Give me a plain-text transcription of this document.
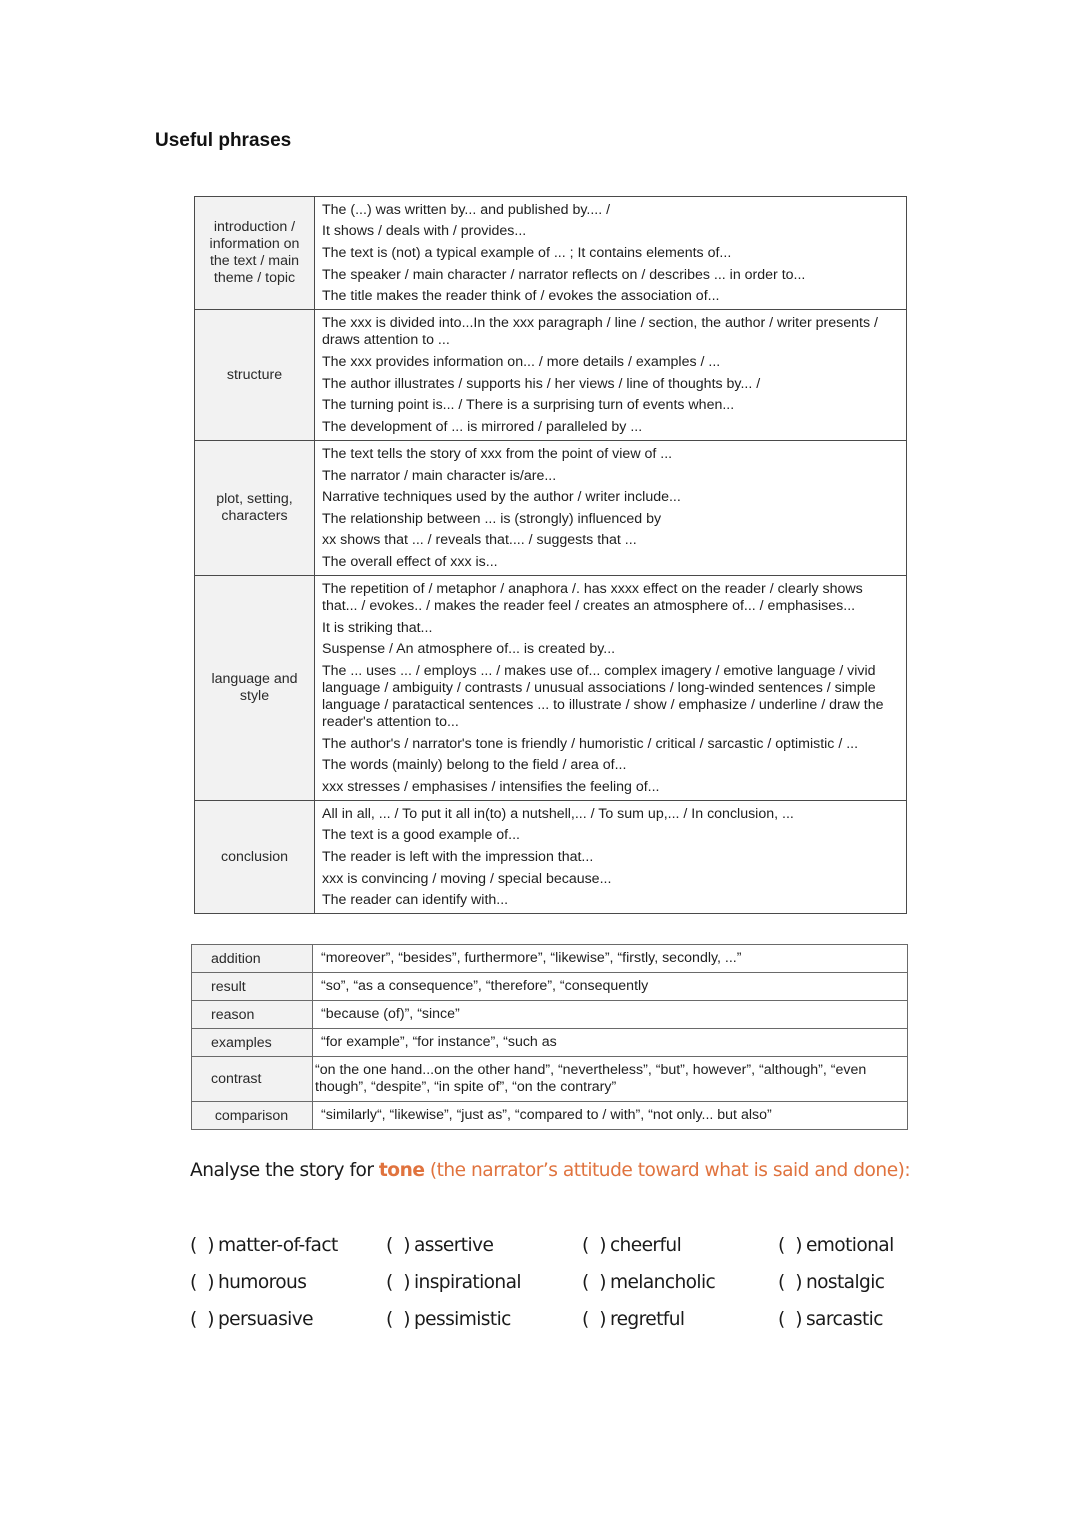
Useful phrases
introduction / information on the text / main theme / topic	The (...) was written by... and published by.... /
It shows / deals with / provides...
The text is (not) a typical example of ... ; It contains elements of...
The speaker / main character / narrator reflects on / describes ... in order to...
The title makes the reader think of / evokes the association of...

structure	The xxx is divided into...In the xxx paragraph / line / section, the author / writer presents / draws attention to ...
The xxx provides information on... / more details / examples / ...
The author illustrates / supports his / her views / line of thoughts by... /
The turning point is... / There is a surprising turn of events when...
The development of ... is mirrored / paralleled by ...

plot, setting, characters	
The text tells the story of xxx from the point of view of ...
The narrator / main character is/are...
Narrative techniques used by the author / writer include...
The relationship between ... is (strongly) influenced by
xx shows that ... / reveals that.... / suggests that ...
The overall effect of xxx is...

language and style	
The repetition of / metaphor / anaphora /. has xxxx effect on the reader / clearly shows that... / evokes.. / makes the reader feel / creates an atmosphere of... / emphasises...
It is striking that...
Suspense / An atmosphere of... is created by...
The ... uses ... / employs ... / makes use of... complex imagery / emotive language / vivid language / ambiguity / contrasts / unusual associations / long-winded sentences / simple language / paratactical sentences ... to illustrate / show / emphasize / underline / draw the reader's attention to...
The author's / narrator's tone is friendly / humoristic / critical / sarcastic / optimistic / ...
The words (mainly) belong to the field / area of...
xxx stresses / emphasises / intensifies the feeling of...

conclusion	All in all, ... / To put it all in(to) a nutshell,... / To sum up,... / In conclusion, ...
The text is a good example of...
The reader is left with the impression that...
xxx is convincing / moving / special because...
The reader can identify with...
addition	“moreover”, “besides”, furthermore”, “likewise”, “firstly, secondly, ...”
result	“so”, “as a consequence”, “therefore”, “consequently
reason	“because (of)”, “since”
examples	“for example”, “for instance”, “such as
contrast	“on the one hand...on the other hand”, “nevertheless”, “but”, however”, “although”, “even though”, “despite”, “in spite of”, “on the contrary”
comparison	“similarly“, “likewise”, “just as”, “compared to / with”, “not only... but also”
Analyse the story for tone (the narrator’s attitude toward what is said and done):
(  ) matter-of-fact	(  ) assertive	(  ) cheerful	(  ) emotional
(  ) humorous	(  ) inspirational	(  ) melancholic	(  ) nostalgic
(  ) persuasive	(  ) pessimistic	(  ) regretful	(  ) sarcastic
